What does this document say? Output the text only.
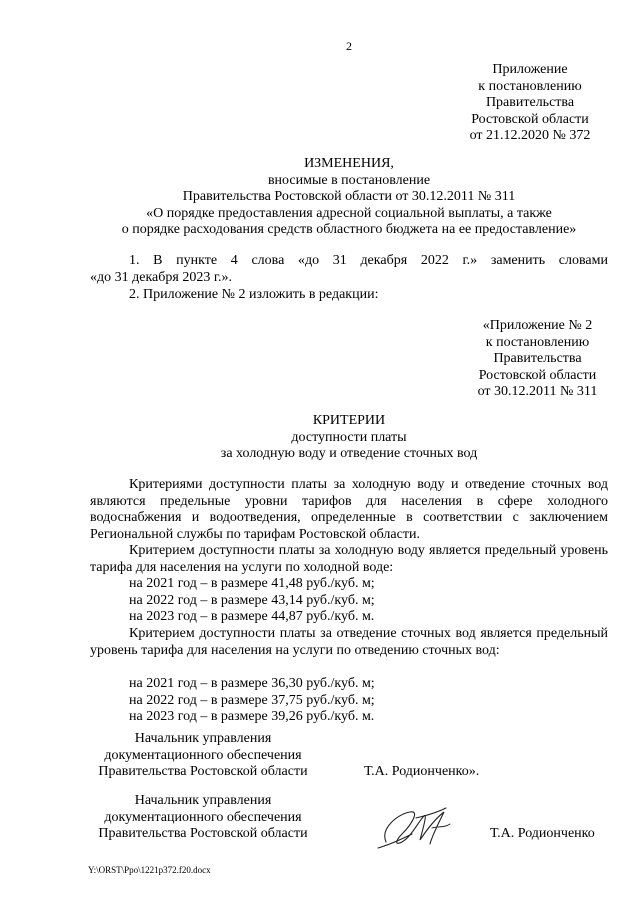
2
Приложение
к постановлению
Правительства
Ростовской области
от 21.12.2020 № 372
ИЗМЕНЕНИЯ,
вносимые в постановление
Правительства Ростовской области от 30.12.2011 № 311
«О порядке предоставления адресной социальной выплаты, а также
о порядке расходования средств областного бюджета на ее предоставление»
1. В пункте 4 слова «до 31 декабря 2022 г.» заменить словами
«до 31 декабря 2023 г.».
2. Приложение № 2 изложить в редакции:
«Приложение № 2
к постановлению
Правительства
Ростовской области
от 30.12.2011 № 311
КРИТЕРИИ
доступности платы
за холодную воду и отведение сточных вод
Критериями доступности платы за холодную воду и отведение сточных вод являются предельные уровни тарифов для населения в сфере холодного водоснабжения и водоотведения, определенные в соответствии с заключением Региональной службы по тарифам Ростовской области.
Критерием доступности платы за холодную воду является предельный уровень тарифа для населения на услуги по холодной воде:
на 2021 год – в размере 41,48 руб./куб. м;
на 2022 год – в размере 43,14 руб./куб. м;
на 2023 год – в размере 44,87 руб./куб. м.
Критерием доступности платы за отведение сточных вод является предельный уровень тарифа для населения на услуги по отведению сточных вод:
на 2021 год – в размере 36,30 руб./куб. м;
на 2022 год – в размере 37,75 руб./куб. м;
на 2023 год – в размере 39,26 руб./куб. м.
Начальник управления
документационного обеспечения
Правительства Ростовской области	Т.А. Родионченко».
Начальник управления
документационного обеспечения
Правительства Ростовской области	Т.А. Родионченко
Y:\ORST\Ppo\1221p372.f20.docx
